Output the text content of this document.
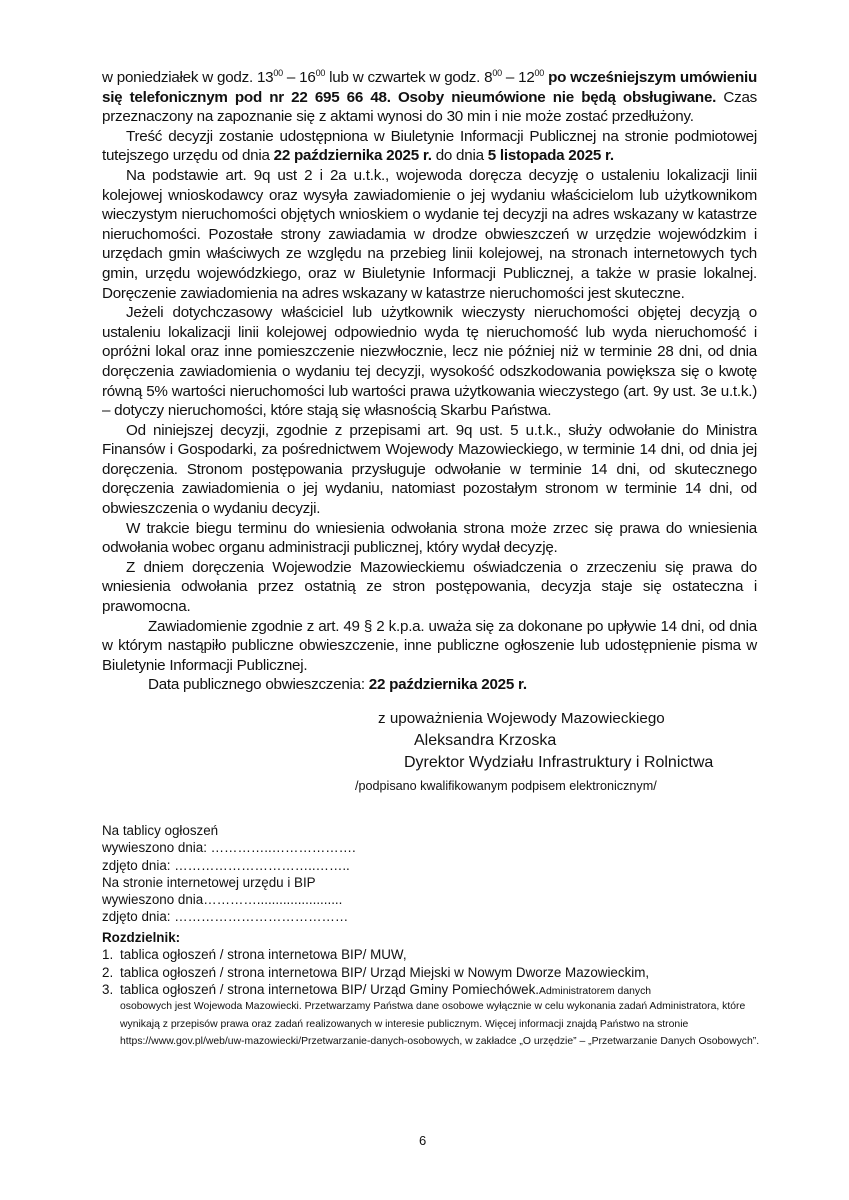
w poniedziałek w godz. $13^{00} - 16^{00}$ lub w czwartek w godz. $8^{00} - 12^{00}$ po wcześniejszym umówieniu się telefonicznym pod nr 22 695 66 48. Osoby nieumówione nie będą obsługiwane. Czas przeznaczony na zapoznanie się z aktami wynosi do 30 min i nie może zostać przedłużony.

Treść decyzji zostanie udostępniona w Biuletynie Informacji Publicznej na stronie podmiotowej tutejszego urzędu od dnia 22 października 2025 r. do dnia 5 listopada 2025 r.

Na podstawie art. 9q ust 2 i 2a u.t.k., wojewoda doręcza decyzję o ustaleniu lokalizacji linii kolejowej wnioskodawcy oraz wysyła zawiadomienie o jej wydaniu właścicielom lub użytkownikom wieczystym nieruchomości objętych wnioskiem o wydanie tej decyzji na adres wskazany w katastrze nieruchomości. Pozostałe strony zawiadamia w drodze obwieszczeń w urzędzie wojewódzkim i urzędach gmin właściwych ze względu na przebieg linii kolejowej, na stronach internetowych tych gmin, urzędu wojewódzkiego, oraz w Biuletynie Informacji Publicznej, a także w prasie lokalnej. Doręczenie zawiadomienia na adres wskazany w katastrze nieruchomości jest skuteczne.

Jeżeli dotychczasowy właściciel lub użytkownik wieczysty nieruchomości objętej decyzją o ustaleniu lokalizacji linii kolejowej odpowiednio wyda tę nieruchomość lub wyda nieruchomość i opróżni lokal oraz inne pomieszczenie niezwłocznie, lecz nie później niż w terminie 28 dni, od dnia doręczenia zawiadomienia o wydaniu tej decyzji, wysokość odszkodowania powiększa się o kwotę równą 5% wartości nieruchomości lub wartości prawa użytkowania wieczystego (art. 9y ust. 3e u.t.k.) – dotyczy nieruchomości, które stają się własnością Skarbu Państwa.

Od niniejszej decyzji, zgodnie z przepisami art. 9q ust. 5 u.t.k., służy odwołanie do Ministra Finansów i Gospodarki, za pośrednictwem Wojewody Mazowieckiego, w terminie 14 dni, od dnia jej doręczenia. Stronom postępowania przysługuje odwołanie w terminie 14 dni, od skutecznego doręczenia zawiadomienia o jej wydaniu, natomiast pozostałym stronom w terminie 14 dni, od obwieszczenia o wydaniu decyzji.

W trakcie biegu terminu do wniesienia odwołania strona może zrzec się prawa do wniesienia odwołania wobec organu administracji publicznej, który wydał decyzję.

Z dniem doręczenia Wojewodzie Mazowieckiemu oświadczenia o zrzeczeniu się prawa do wniesienia odwołania przez ostatnią ze stron postępowania, decyzja staje się ostateczna i prawomocna.

Zawiadomienie zgodnie z art. 49 § 2 k.p.a. uważa się za dokonane po upływie 14 dni, od dnia w którym nastąpiło publiczne obwieszczenie, inne publiczne ogłoszenie lub udostępnienie pisma w Biuletynie Informacji Publicznej.

Data publicznego obwieszczenia: 22 października 2025 r.

z upoważnienia Wojewody Mazowieckiego
Aleksandra Krzoska
Dyrektor Wydziału Infrastruktury i Rolnictwa
/podpisano kwalifikowanym podpisem elektronicznym/
Na tablicy ogłoszeń
wywieszono dnia: …………..……………….
zdjęto dnia: …………………………..……..
Na stronie internetowej urzędu i BIP
wywieszono dnia………….......................
zdjęto dnia: …………………………………
Rozdzielnik:
1. tablica ogłoszeń / strona internetowa BIP/ MUW,
2. tablica ogłoszeń / strona internetowa BIP/ Urząd Miejski w Nowym Dworze Mazowieckim,
3. tablica ogłoszeń / strona internetowa BIP/ Urząd Gminy Pomiechówek.Administratorem danych
osobowych jest Wojewoda Mazowiecki. Przetwarzamy Państwa dane osobowe wyłącznie w celu wykonania zadań Administratora, które wynikają z przepisów prawa oraz zadań realizowanych w interesie publicznym. Więcej informacji znajdą Państwo na stronie https://www.gov.pl/web/uw-mazowiecki/Przetwarzanie-danych-osobowych, w zakładce „O urzędzie” – „Przetwarzanie Danych Osobowych”.
6
